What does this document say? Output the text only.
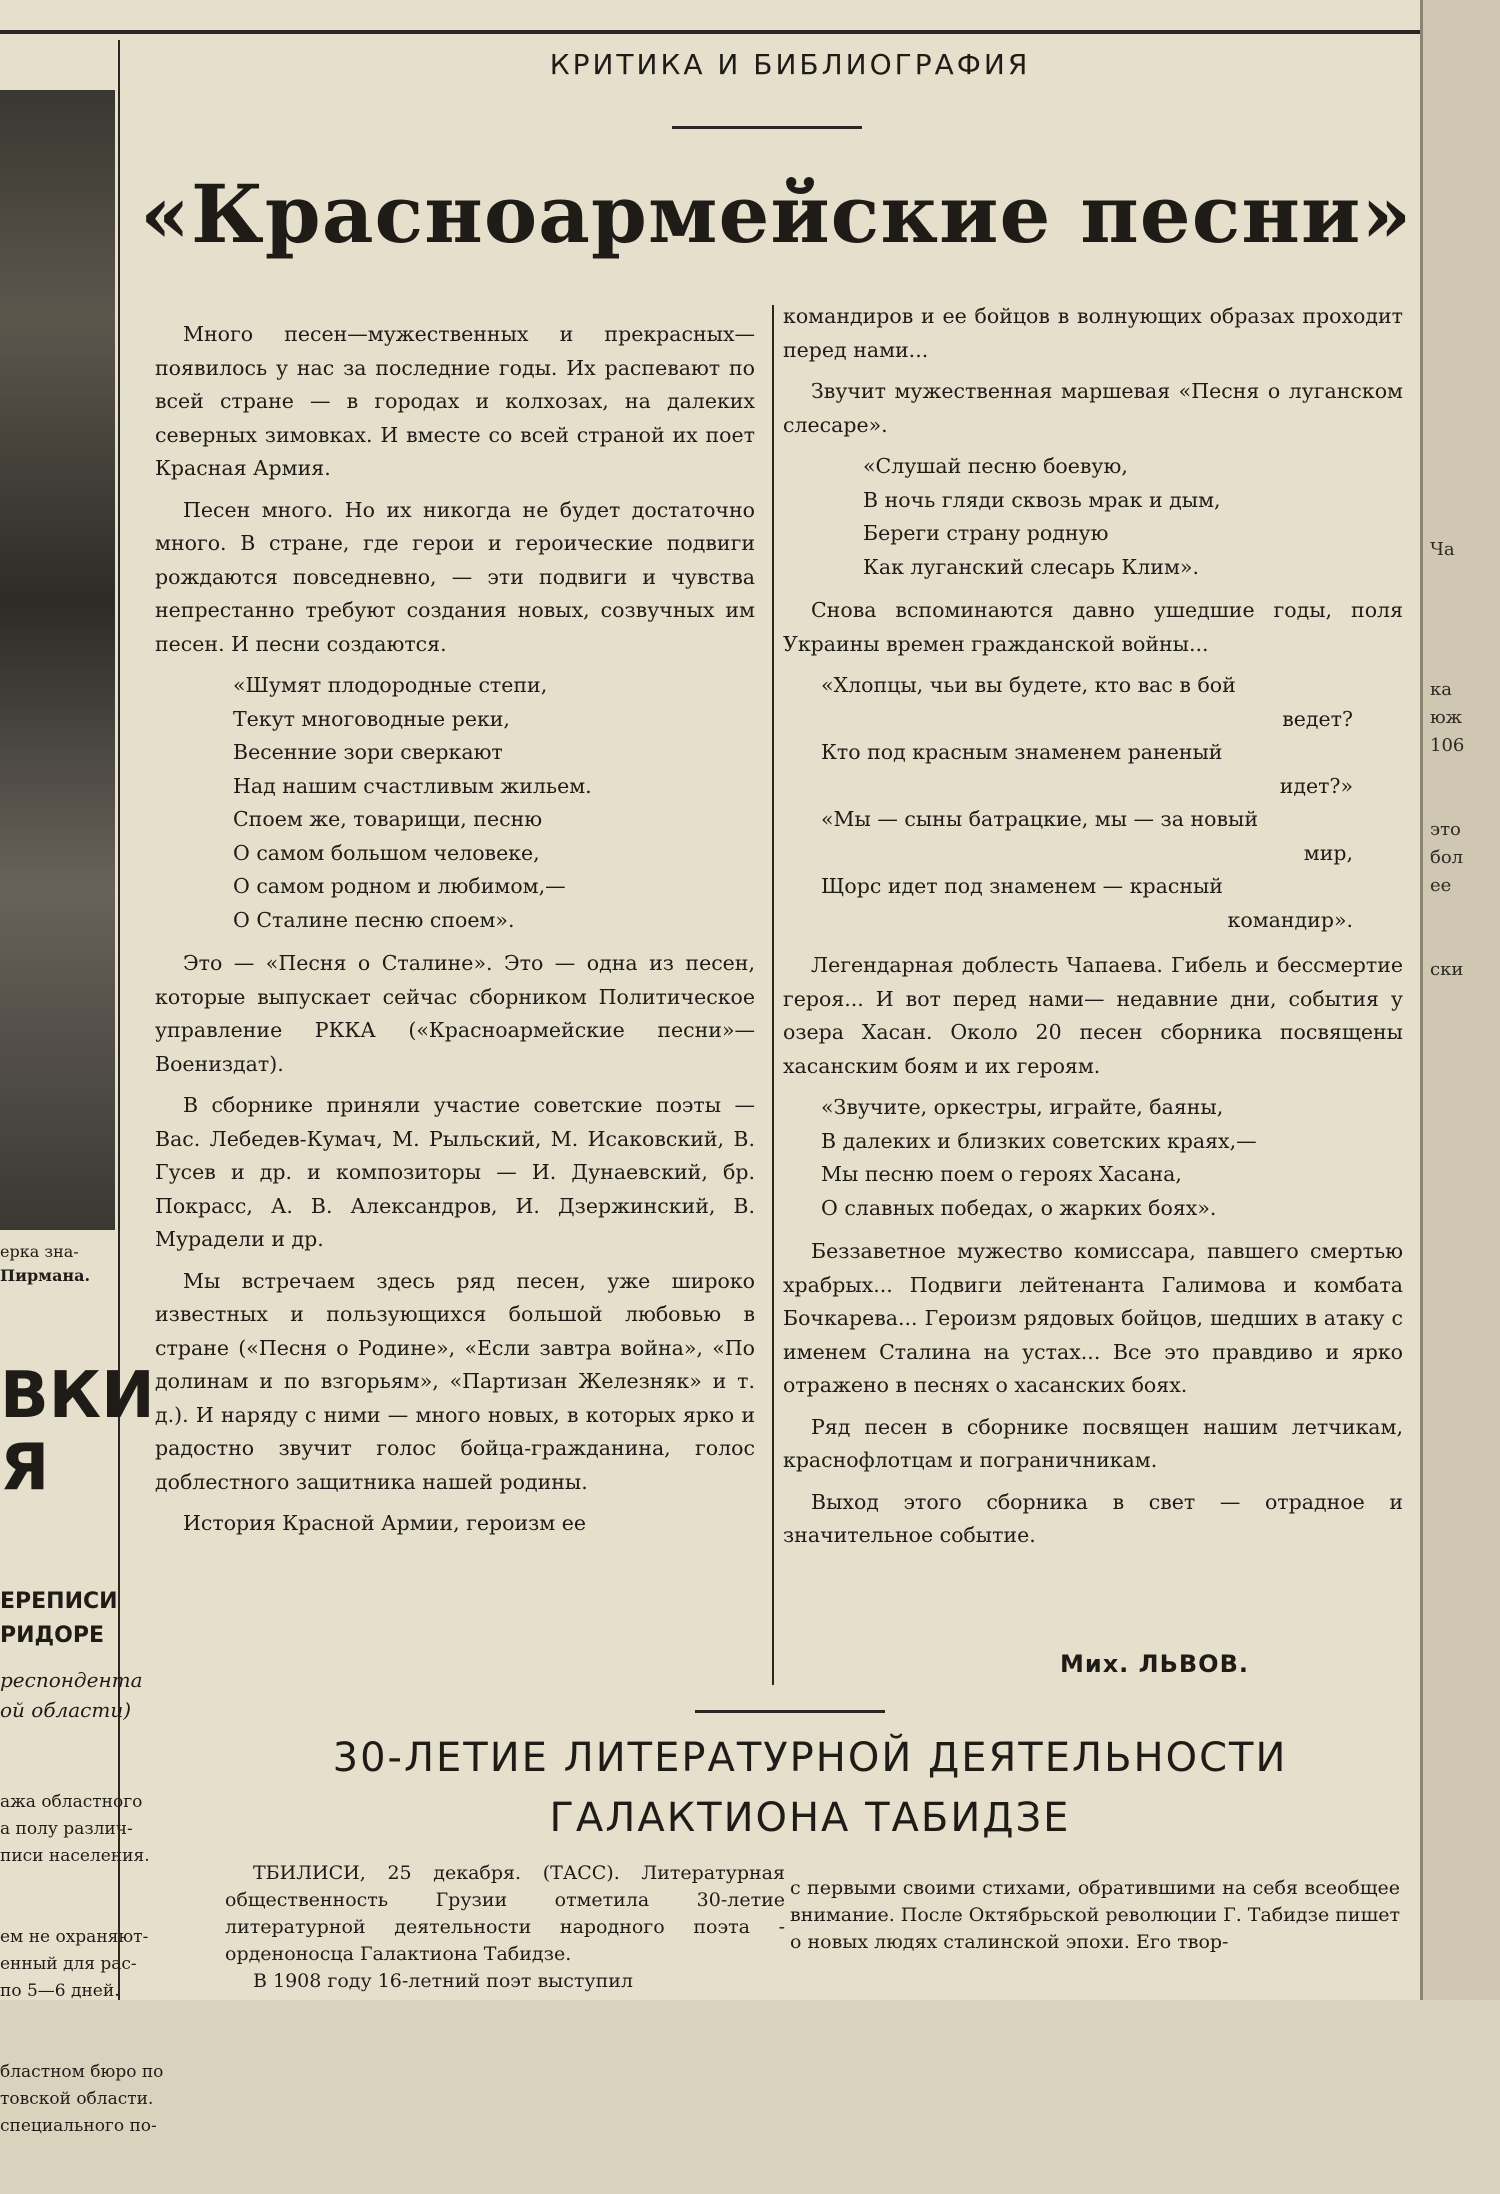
ерка зна-
Пирмана.
ВКИ
Я
ЕРЕПИСИ
РИДОРЕ
респондента
ой области)

ажа областного
а полу различ-
писи населения.

ем не охраняют-
енный для рас-
по 5—6 дней.

бластном бюро по
товской области.
специального по-

КРИТИКА И БИБЛИОГРАФИЯ
«Красноармейские песни»

Много песен—мужественных и прекрасных—появилось у нас за последние годы. Их распевают по всей стране — в городах и колхозах, на далеких северных зимовках. И вместе со всей страной их поет Красная Армия.

Песен много. Но их никогда не будет достаточно много. В стране, где герои и героические подвиги рождаются повседневно, — эти подвиги и чувства непрестанно требуют создания новых, созвучных им песен. И песни создаются.

«Шумят плодородные степи,
Текут многоводные реки,
Весенние зори сверкают
Над нашим счастливым жильем.
Споем же, товарищи, песню
О самом большом человеке,
О самом родном и любимом,—
О Сталине песню споем».

Это — «Песня о Сталине». Это — одна из песен, которые выпускает сейчас сборником Политическое управление РККА («Красноармейские песни»—Воениздат).

В сборнике приняли участие советские поэты — Вас. Лебедев-Кумач, М. Рыльский, М. Исаковский, В. Гусев и др. и композиторы — И. Дунаевский, бр. Покрасс, А. В. Александров, И. Дзержинский, В. Мурадели и др.

Мы встречаем здесь ряд песен, уже широко известных и пользующихся большой любовью в стране («Песня о Родине», «Если завтра война», «По долинам и по взгорьям», «Партизан Железняк» и т. д.). И наряду с ними — много новых, в которых ярко и радостно звучит голос бойца-гражданина, голос доблестного защитника нашей родины.

История Красной Армии, героизм ее

командиров и ее бойцов в волнующих образах проходит перед нами...

Звучит мужественная маршевая «Песня о луганском слесаре».

«Слушай песню боевую,
В ночь гляди сквозь мрак и дым,
Береги страну родную
Как луганский слесарь Клим».

Снова вспоминаются давно ушедшие годы, поля Украины времен гражданской войны...

«Хлопцы, чьи вы будете, кто вас в бой
ведет?
Кто под красным знаменем раненый
идет?»
«Мы — сыны батрацкие, мы — за новый
мир,
Щорс идет под знаменем — красный
командир».

Легендарная доблесть Чапаева. Гибель и бессмертие героя... И вот перед нами— недавние дни, события у озера Хасан. Около 20 песен сборника посвящены хасанским боям и их героям.

«Звучите, оркестры, играйте, баяны,
В далеких и близких советских краях,—
Мы песню поем о героях Хасана,
О славных победах, о жарких боях».

Беззаветное мужество комиссара, павшего смертью храбрых... Подвиги лейтенанта Галимова и комбата Бочкарева... Героизм рядовых бойцов, шедших в атаку с именем Сталина на устах... Все это правдиво и ярко отражено в песнях о хасанских боях.

Ряд песен в сборнике посвящен нашим летчикам, краснофлотцам и пограничникам.

Выход этого сборника в свет — отрадное и значительное событие.

Мих. ЛЬВОВ.
30-ЛЕТИЕ ЛИТЕРАТУРНОЙ ДЕЯТЕЛЬНОСТИ
ГАЛАКТИОНА ТАБИДЗЕ

ТБИЛИСИ, 25 декабря. (ТАСС). Литературная общественность Грузии отметила 30-летие литературной деятельности народного поэта - орденоносца Галактиона Табидзе.

В 1908 году 16-летний поэт выступил

с первыми своими стихами, обратившими на себя всеобщее внимание. После Октябрьской революции Г. Табидзе пишет о новых людях сталинской эпохи. Его твор-

Ча

кa
юж
106

это
бол
ее

ски
